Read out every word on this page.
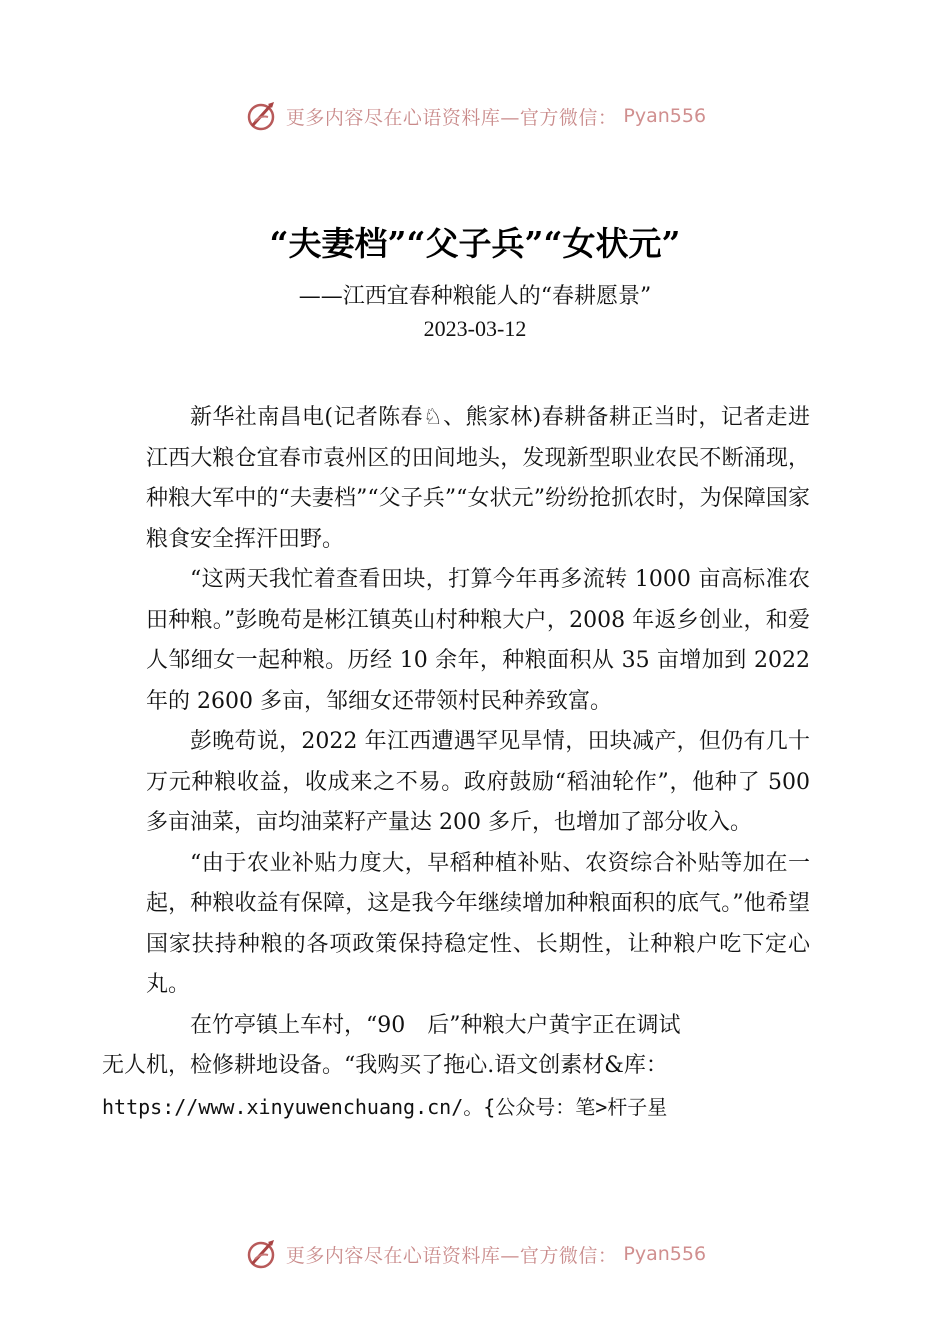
更多内容尽在心语资料库—官方微信： Pyan556
“夫妻档”“父子兵”“女状元”
——江西宜春种粮能人的“春耕愿景”
2023-03-12

新华社南昌电(记者陈春♘、熊家林)春耕备耕正当时，记者走进江西大粮仓宜春市袁州区的田间地头，发现新型职业农民不断涌现，种粮大军中的“夫妻档”“父子兵”“女状元”纷纷抢抓农时，为保障国家粮食安全挥汗田野。

“这两天我忙着查看田块，打算今年再多流转 1000 亩高标准农田种粮。”彭晚苟是彬江镇英山村种粮大户，2008 年返乡创业，和爱人邹细女一起种粮。历经 10 余年，种粮面积从 35 亩增加到 2022 年的 2600 多亩，邹细女还带领村民种养致富。

彭晚苟说，2022 年江西遭遇罕见旱情，田块减产，但仍有几十万元种粮收益，收成来之不易。政府鼓励“稻油轮作”，他种了 500 多亩油菜，亩均油菜籽产量达 200 多斤，也增加了部分收入。

“由于农业补贴力度大，早稻种植补贴、农资综合补贴等加在一起，种粮收益有保障，这是我今年继续增加种粮面积的底气。”他希望国家扶持种粮的各项政策保持稳定性、长期性，让种粮户吃下定心丸。

在竹亭镇上车村，“90　后”种粮大户黄宇正在调试
无人机，检修耕地设备。“我购买了拖心.语文创素材&库：
https://www.xinyuwenchuang.cn/。{公众号：笔>杆子星

更多内容尽在心语资料库—官方微信： Pyan556
